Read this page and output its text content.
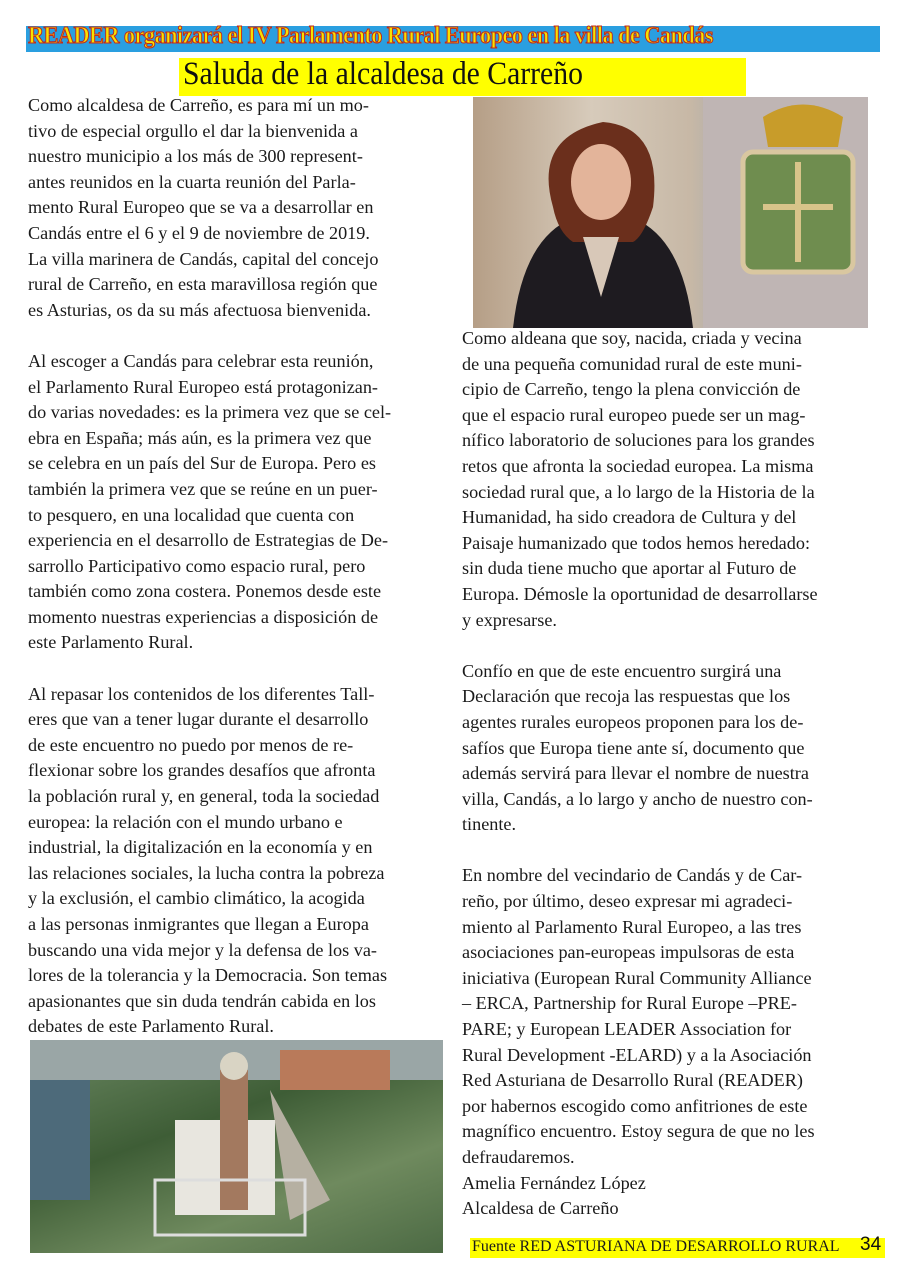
READER organizará el IV Parlamento Rural Europeo en la villa de Candás
Saluda de la alcaldesa de Carreño
Como alcaldesa de Carreño, es para mí un mo-
tivo de especial orgullo el dar la bienvenida a
nuestro municipio a los más de 300 represent-
antes reunidos en la cuarta reunión del Parla-
mento Rural Europeo que se va a desarrollar en
Candás entre el 6 y el 9 de noviembre de 2019.
La villa marinera de Candás, capital del concejo
rural de Carreño, en esta maravillosa región que
es Asturias, os da su más afectuosa bienvenida.
Al escoger a Candás para celebrar esta reunión,
el Parlamento Rural Europeo está protagonizan-
do varias novedades: es la primera vez que se cel-
ebra en España; más aún, es la primera vez que
se celebra en un país del Sur de Europa. Pero es
también la primera vez que se reúne en un puer-
to pesquero, en una localidad que cuenta con
experiencia en el desarrollo de Estrategias de De-
sarrollo Participativo como espacio rural, pero
también como zona costera. Ponemos desde este
momento nuestras experiencias a disposición de
este Parlamento Rural.
Al repasar los contenidos de los diferentes Tall-
eres que van a tener lugar durante el desarrollo
de este encuentro no puedo por menos de re-
flexionar sobre los grandes desafíos que afronta
la población rural y, en general, toda la sociedad
europea: la relación con el mundo urbano e
industrial, la digitalización en la economía y en
las relaciones sociales, la lucha contra la pobreza
y la exclusión, el cambio climático, la acogida
a las personas inmigrantes que llegan a Europa
buscando una vida mejor y la defensa de los va-
lores de la tolerancia y la Democracia. Son temas
apasionantes que sin duda tendrán cabida en los
debates de este Parlamento Rural.
Como aldeana que soy, nacida, criada y vecina
de una pequeña comunidad rural de este muni-
cipio de Carreño, tengo la plena convicción de
que el espacio rural europeo puede ser un mag-
nífico laboratorio de soluciones para los grandes
retos que afronta la sociedad europea. La misma
sociedad rural que, a lo largo de la Historia de la
Humanidad, ha sido creadora de Cultura y del
Paisaje humanizado que todos hemos heredado:
sin duda tiene mucho que aportar al Futuro de
Europa. Démosle la oportunidad de desarrollarse
y expresarse.
Confío en que de este encuentro surgirá una
Declaración que recoja las respuestas que los
agentes rurales europeos proponen para los de-
safíos que Europa tiene ante sí, documento que
además servirá para llevar el nombre de nuestra
villa, Candás, a lo largo y ancho de nuestro con-
tinente.
En nombre del vecindario de Candás y de Car-
reño, por último, deseo expresar mi agradeci-
miento al Parlamento Rural Europeo, a las tres
asociaciones pan-europeas impulsoras de esta
iniciativa (European Rural Community Alliance
– ERCA, Partnership for Rural Europe –PRE-
PARE; y European LEADER Association for
Rural Development -ELARD) y a la Asociación
Red Asturiana de Desarrollo Rural (READER)
por habernos escogido como anfitriones de este
magnífico encuentro. Estoy segura de que no les
defraudaremos.
Amelia Fernández López
Alcaldesa de Carreño
Fuente RED ASTURIANA DE DESARROLLO RURAL 34
